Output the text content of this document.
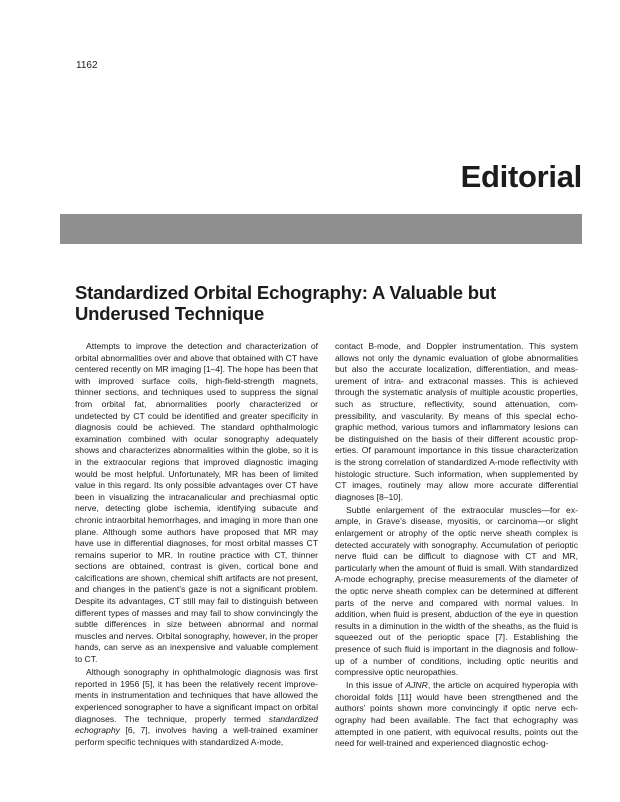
1162
Editorial
Standardized Orbital Echography: A Valuable but Underused Technique

Attempts to improve the detection and characterization of orbital abnormalities over and above that obtained with CT have centered recently on MR imaging [1–4]. The hope has been that with improved surface coils, high-field-strength magnets, thinner sections, and techniques used to suppress the signal from orbital fat, abnormalities poorly characterized or undetected by CT could be identified and greater specificity in diagnosis could be achieved. The standard ophthalmologic examination combined with ocular sonography adequately shows and characterizes abnormalities within the globe, so it is in the extraocular regions that improved diagnostic imaging would be most helpful. Unfortunately, MR has been of limited value in this regard. Its only possible advantages over CT have been in visualizing the intracanalicular and prechiasmal optic nerve, detecting globe ischemia, identifying subacute and chronic intraorbital hemorrhages, and imaging in more than one plane. Although some authors have proposed that MR may have use in differential diagnoses, for most orbital masses CT remains superior to MR. In routine practice with CT, thinner sections are obtained, contrast is given, cortical bone and calcifications are shown, chemical shift artifacts are not present, and changes in the patient’s gaze is not a significant problem. Despite its advantages, CT still may fail to distinguish between different types of masses and may fail to show convincingly the subtle differences in size between abnormal and normal muscles and nerves. Orbital sonography, however, in the proper hands, can serve as an inexpensive and valuable complement to CT.

Although sonography in ophthalmologic diagnosis was first reported in 1956 [5], it has been the relatively recent improvements in instrumentation and techniques that have allowed the experienced sonographer to have a significant impact on orbital diagnoses. The technique, properly termed standardized echography [6, 7], involves having a well-trained examiner perform specific techniques with standardized A-mode,

contact B-mode, and Doppler instrumentation. This system allows not only the dynamic evaluation of globe abnormalities but also the accurate localization, differentiation, and measurement of intra- and extraconal masses. This is achieved through the systematic analysis of multiple acoustic properties, such as structure, reflectivity, sound attenuation, compressibility, and vascularity. By means of this special echographic method, various tumors and inflammatory lesions can be distinguished on the basis of their different acoustic properties. Of paramount importance in this tissue characterization is the strong correlation of standardized A-mode reflectivity with histologic structure. Such information, when supplemented by CT images, routinely may allow more accurate differential diagnoses [8–10].

Subtle enlargement of the extraocular muscles—for example, in Grave’s disease, myositis, or carcinoma—or slight enlargement or atrophy of the optic nerve sheath complex is detected accurately with sonography. Accumulation of perioptic nerve fluid can be difficult to diagnose with CT and MR, particularly when the amount of fluid is small. With standardized A-mode echography, precise measurements of the diameter of the optic nerve sheath complex can be determined at different parts of the nerve and compared with normal values. In addition, when fluid is present, abduction of the eye in question results in a diminution in the width of the sheaths, as the fluid is squeezed out of the perioptic space [7]. Establishing the presence of such fluid is important in the diagnosis and follow-up of a number of conditions, including optic neuritis and compressive optic neuropathies.

In this issue of AJNR, the article on acquired hyperopia with choroidal folds [11] would have been strengthened and the authors’ points shown more convincingly if optic nerve echography had been available. The fact that echography was attempted in one patient, with equivocal results, points out the need for well-trained and experienced diagnostic echog-
